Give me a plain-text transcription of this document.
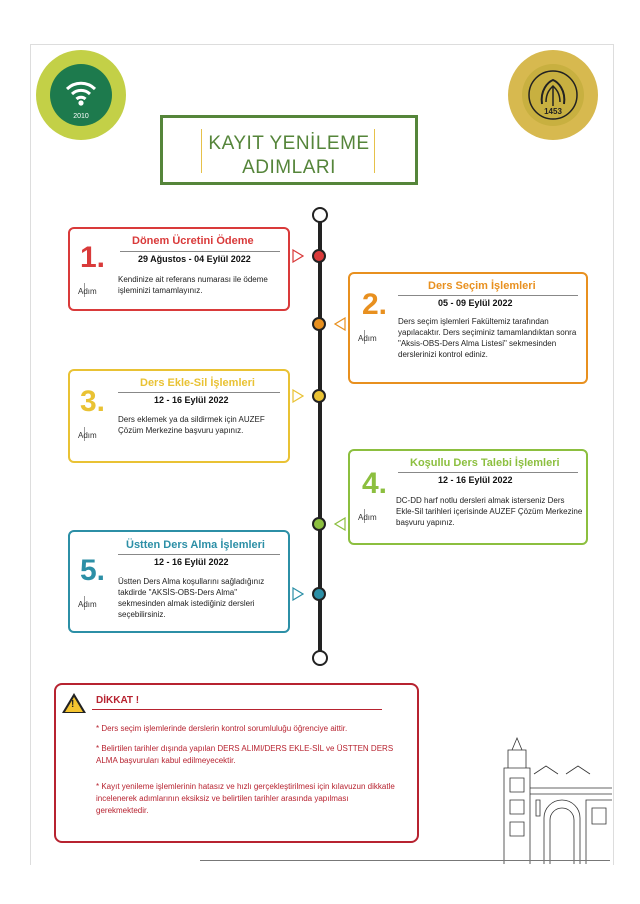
2010
1453
KAYIT YENİLEME
ADIMLARI
1.
Adım
Dönem Ücretini Ödeme
29 Ağustos - 04 Eylül 2022
Kendinize ait referans numarası ile ödeme işleminizi tamamlayınız.	2.
Adım
Ders Seçim İşlemleri
05 - 09 Eylül 2022
Ders seçim işlemleri Fakültemiz tarafından yapılacaktır. Ders seçiminiz tamamlandıktan sonra "Aksis-OBS-Ders Alma Listesi" sekmesinden derslerinizi kontrol ediniz.
3.
Adım
Ders Ekle-Sil İşlemleri
12 - 16 Eylül 2022
Ders eklemek ya da sildirmek için AUZEF Çözüm Merkezine başvuru yapınız.
4.
Adım
Koşullu Ders Talebi İşlemleri
12 - 16 Eylül 2022
DC-DD harf notlu dersleri almak isterseniz Ders Ekle-Sil tarihleri içerisinde AUZEF Çözüm Merkezine başvuru yapınız.
5.
Adım
Üstten Ders Alma İşlemleri
12 - 16 Eylül 2022
Üstten Ders Alma koşullarını sağladığınız takdirde "AKSİS-OBS-Ders Alma" sekmesinden almak istediğiniz dersleri seçebilirsiniz.
! DİKKAT !
* Ders seçim işlemlerinde derslerin kontrol sorumluluğu öğrenciye aittir.
* Belirtilen tarihler dışında yapılan DERS ALIMI/DERS EKLE-SİL ve ÜSTTEN DERS ALMA başvuruları kabul edilmeyecektir.
* Kayıt yenileme işlemlerinin hatasız ve hızlı gerçekleştirilmesi için kılavuzun dikkatle incelenerek adımlarının eksiksiz ve belirtilen tarihler arasında yapılması gerekmektedir.
